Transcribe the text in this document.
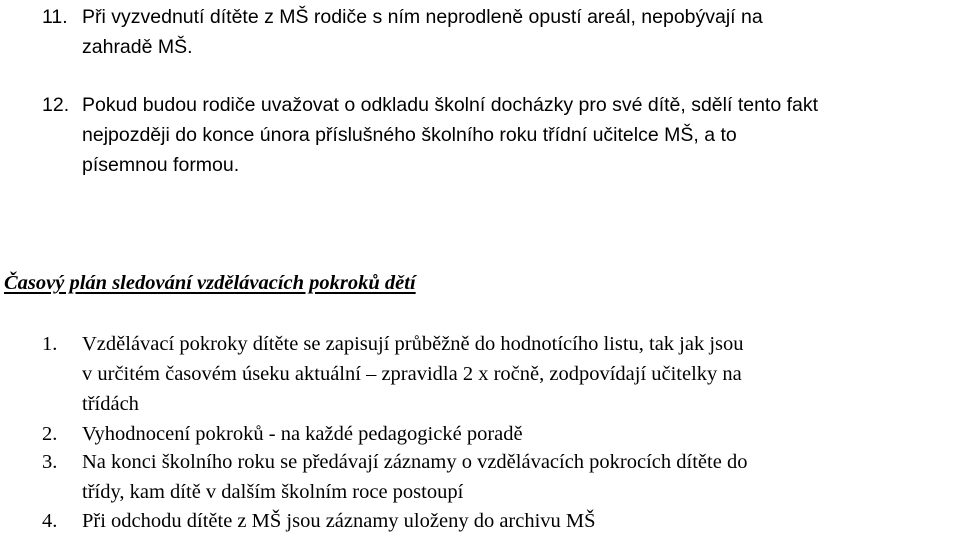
11. Při vyzvednutí dítěte z MŠ rodiče s ním neprodleně opustí areál, nepobývají na
zahradě MŠ.
12. Pokud budou rodiče uvažovat o odkladu školní docházky pro své dítě, sdělí tento fakt
nejpozději do konce února příslušného školního roku třídní učitelce MŠ, a to
písemnou formou.
Časový plán sledování vzdělávacích pokroků dětí
1.	Vzdělávací pokroky dítěte se zapisují průběžně do hodnotícího listu, tak jak jsou
v určitém časovém úseku aktuální – zpravidla 2 x ročně, zodpovídají učitelky na
třídách
2.	Vyhodnocení pokroků - na každé pedagogické poradě
3.	Na konci školního roku se předávají záznamy o vzdělávacích pokrocích dítěte do
třídy, kam dítě v dalším školním roce postoupí
4.	Při odchodu dítěte z MŠ jsou záznamy uloženy do archivu MŠ
